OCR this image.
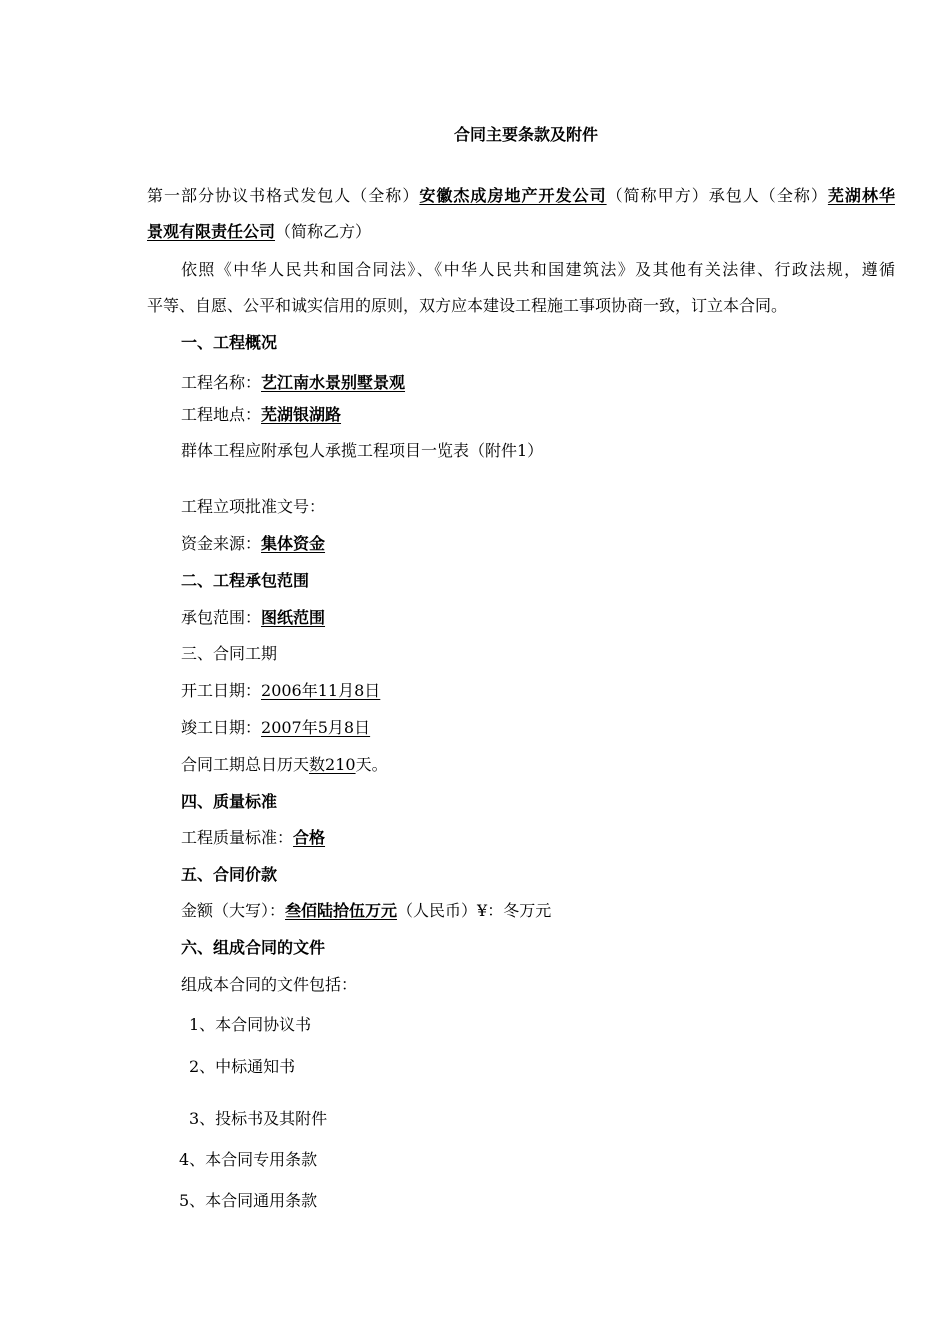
合同主要条款及附件
第一部分协议书格式发包人（全称）安徽杰成房地产开发公司（简称甲方）承包人（全称）芜湖林华
景观有限责任公司（简称乙方）
依照《中华人民共和国合同法》、《中华人民共和国建筑法》及其他有关法律、行政法规，遵循
平等、自愿、公平和诚实信用的原则，双方应本建设工程施工事项协商一致，订立本合同。
一、工程概况
工程名称：艺江南水景别墅景观
工程地点：芜湖银湖路
群体工程应附承包人承揽工程项目一览表（附件1）
工程立项批准文号：
资金来源：集体资金
二、工程承包范围
承包范围：图纸范围
三、合同工期
开工日期：2006年11月8日
竣工日期：2007年5月8日
合同工期总日历天数210天。
四、质量标准
工程质量标准：合格
五、合同价款
金额（大写）：叁佰陆拾伍万元（人民币）¥：冬万元
六、组成合同的文件
组成本合同的文件包括：
1、本合同协议书
2、中标通知书
3、投标书及其附件
4、本合同专用条款
5、本合同通用条款
